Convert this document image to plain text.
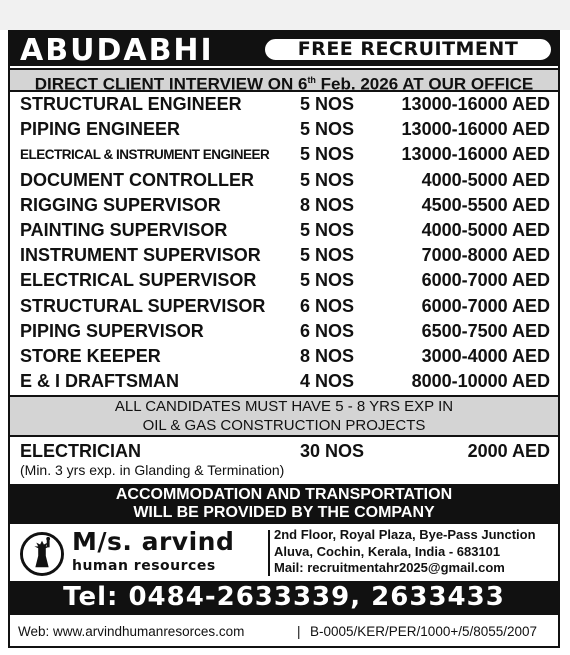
ABUDABHI	FREE RECRUITMENT
DIRECT CLIENT INTERVIEW ON 6th Feb. 2026 AT OUR OFFICE
STRUCTURAL ENGINEER	5 NOS	13000-16000 AED
PIPING ENGINEER	5 NOS	13000-16000 AED
ELECTRICAL & INSTRUMENT ENGINEER 5 NOS	13000-16000 AED
DOCUMENT CONTROLLER	5 NOS	4000-5000 AED
RIGGING SUPERVISOR	8 NOS	4500-5500 AED
PAINTING SUPERVISOR	5 NOS	4000-5000 AED
INSTRUMENT SUPERVISOR 5 NOS	7000-8000 AED
ELECTRICAL SUPERVISOR 5 NOS	6000-7000 AED
STRUCTURAL SUPERVISOR 6 NOS	6000-7000 AED
PIPING SUPERVISOR	6 NOS	6500-7500 AED
STORE KEEPER	8 NOS	3000-4000 AED
E & I DRAFTSMAN	4 NOS	8000-10000 AED
ALL CANDIDATES MUST HAVE 5 - 8 YRS EXP IN
OIL & GAS CONSTRUCTION PROJECTS
ELECTRICIAN	30 NOS	2000 AED
(Min. 3 yrs exp. in Glanding & Termination)
ACCOMMODATION AND TRANSPORTATION
WILL BE PROVIDED BY THE COMPANY
M/s. arvind
human resources
2nd Floor, Royal Plaza, Bye-Pass Junction
Aluva, Cochin, Kerala, India - 683101
Mail: recruitmentahr2025@gmail.com
Tel: 0484-2633339, 2633433
Web: www.arvindhumanresorces.com	| B-0005/KER/PER/1000+/5/8055/2007
